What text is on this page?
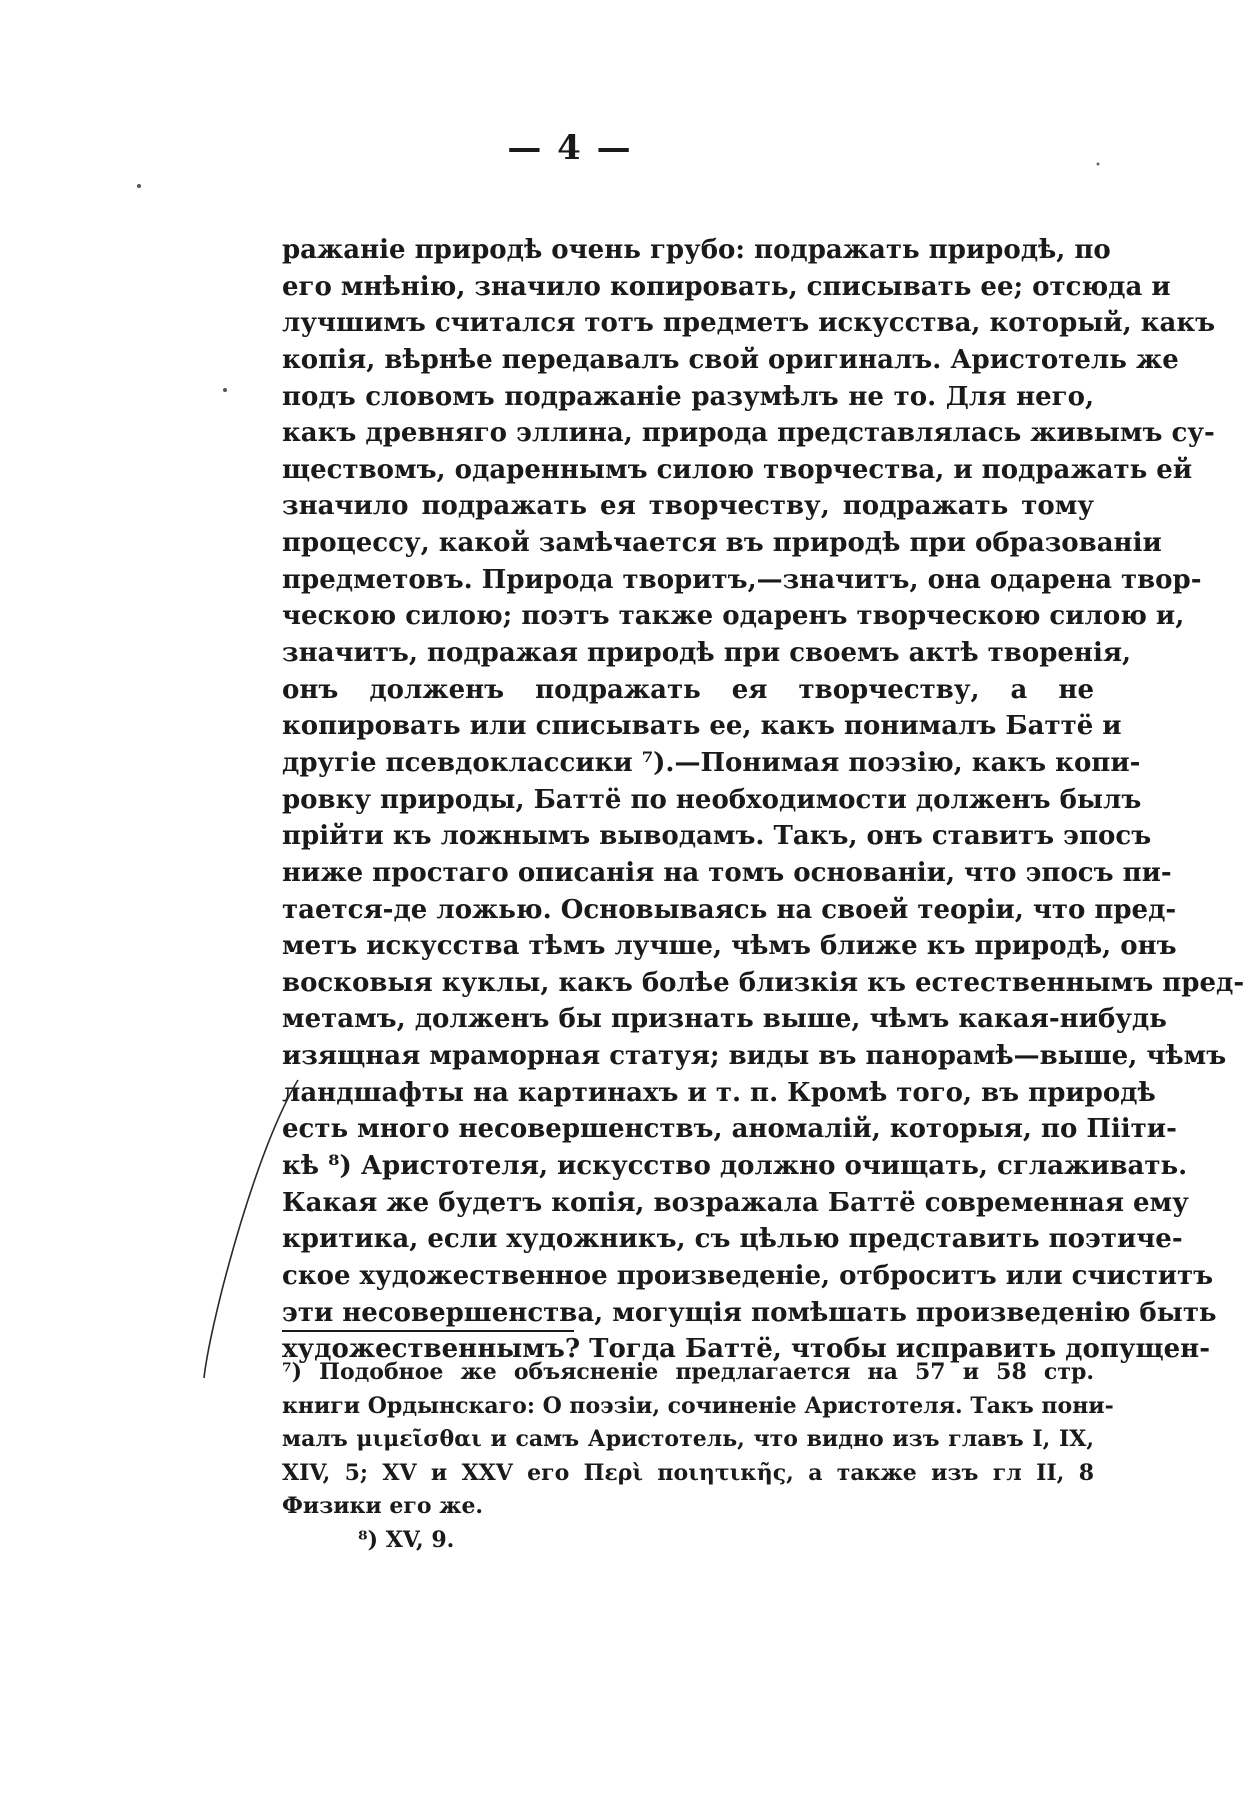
— 4 —
ражаніе природѣ очень грубо: подражать природѣ, по
его мнѣнію, значило копировать, списывать ее; отсюда и
лучшимъ считался тотъ предметъ искусства, который, какъ
копія, вѣрнѣе передавалъ свой оригиналъ. Аристотель же
подъ словомъ подражаніе разумѣлъ не то. Для него,
какъ древняго эллина, природа представлялась живымъ су-
ществомъ, одареннымъ силою творчества, и подражать ей
значило подражать ея творчеству, подражать тому
процессу, какой замѣчается въ природѣ при образованіи
предметовъ. Природа творитъ,—значитъ, она одарена твор-
ческою силою; поэтъ также одаренъ творческою силою и,
значитъ, подражая природѣ при своемъ актѣ творенія,
онъ долженъ подражать ея творчеству, а не
копировать или списывать ее, какъ понималъ Баттё и
другіе псевдоклассики ⁷).—Понимая поэзію, какъ копи-
ровку природы, Баттё по необходимости долженъ былъ
прійти къ ложнымъ выводамъ. Такъ, онъ ставитъ эпосъ
ниже простаго описанія на томъ основаніи, что эпосъ пи-
тается-де ложью. Основываясь на своей теоріи, что пред-
метъ искусства тѣмъ лучше, чѣмъ ближе къ природѣ, онъ
восковыя куклы, какъ болѣе близкія къ естественнымъ пред-
метамъ, долженъ бы признать выше, чѣмъ какая-нибудь
изящная мраморная статуя; виды въ панорамѣ—выше, чѣмъ
ландшафты на картинахъ и т. п. Кромѣ того, въ природѣ
есть много несовершенствъ, аномалій, которыя, по Пііти-
кѣ ⁸) Аристотеля, искусство должно очищать, сглаживать.
Какая же будетъ копія, возражала Баттё современная ему
критика, если художникъ, съ цѣлью представить поэтиче-
ское художественное произведеніе, отброситъ или счиститъ
эти несовершенства, могущія помѣшать произведенію быть
художественнымъ? Тогда Баттё, чтобы исправить допущен-
⁷) Подобное же объясненіе предлагается на 57 и 58 стр.
книги Ордынскаго: О поэзіи, сочиненіе Аристотеля. Такъ пони-
малъ μιμεῖσθαι и самъ Аристотель, что видно изъ главъ I, IX,
XIV, 5; XV и XXV его Περὶ ποιητικῆς, а также изъ гл II, 8
Физики его же.
⁸) XV, 9.
